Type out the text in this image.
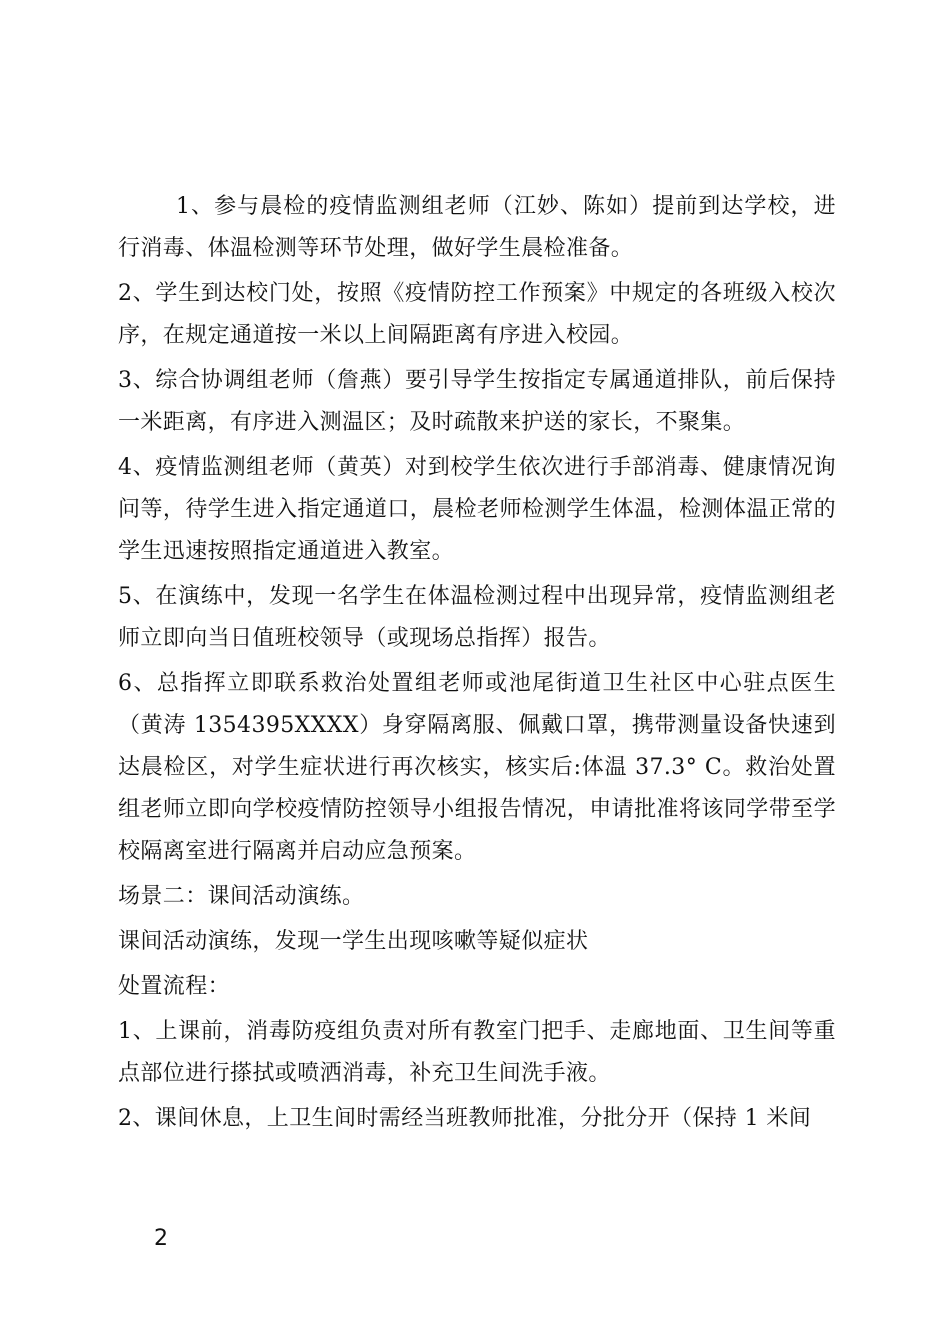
1、参与晨检的疫情监测组老师（江妙、陈如）提前到达学校，进行消毒、体温检测等环节处理，做好学生晨检准备。

2、学生到达校门处，按照《疫情防控工作预案》中规定的各班级入校次序，在规定通道按一米以上间隔距离有序进入校园。

3、综合协调组老师（詹燕）要引导学生按指定专属通道排队，前后保持一米距离，有序进入测温区；及时疏散来护送的家长，不聚集。

4、疫情监测组老师（黄英）对到校学生依次进行手部消毒、健康情况询问等，待学生进入指定通道口，晨检老师检测学生体温，检测体温正常的学生迅速按照指定通道进入教室。

5、在演练中，发现一名学生在体温检测过程中出现异常，疫情监测组老师立即向当日值班校领导（或现场总指挥）报告。

6、总指挥立即联系救治处置组老师或池尾街道卫生社区中心驻点医生（黄涛 1354395XXXX）身穿隔离服、佩戴口罩，携带测量设备快速到达晨检区，对学生症状进行再次核实，核实后:体温 37.3° C。救治处置组老师立即向学校疫情防控领导小组报告情况，申请批准将该同学带至学校隔离室进行隔离并启动应急预案。

场景二：课间活动演练。

课间活动演练，发现一学生出现咳嗽等疑似症状

处置流程：

1、上课前，消毒防疫组负责对所有教室门把手、走廊地面、卫生间等重点部位进行搽拭或喷洒消毒，补充卫生间洗手液。

2、课间休息，上卫生间时需经当班教师批准，分批分开（保持 1 米间

2
